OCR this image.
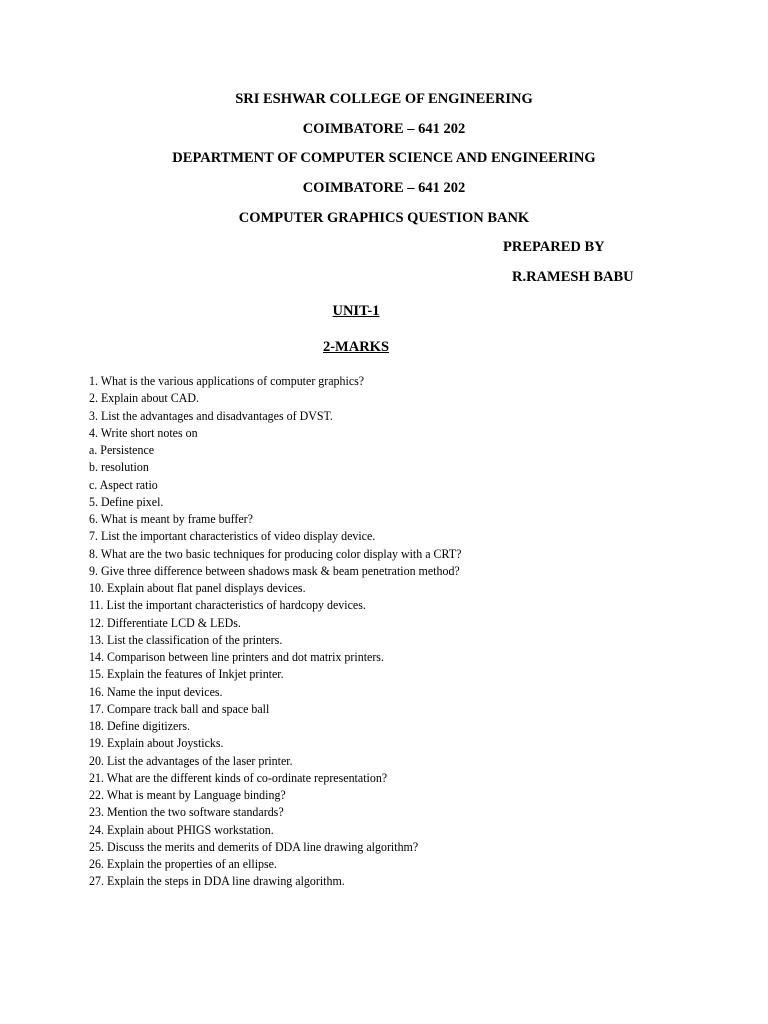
SRI ESHWAR COLLEGE OF ENGINEERING
COIMBATORE – 641 202
DEPARTMENT OF COMPUTER SCIENCE AND ENGINEERING
COIMBATORE – 641 202
COMPUTER GRAPHICS QUESTION BANK
PREPARED BY
R.RAMESH BABU
UNIT-1
2-MARKS
1. What is the various applications of computer graphics?
2. Explain about CAD.
3. List the advantages and disadvantages of DVST.
4. Write short notes on
a. Persistence
b. resolution
c. Aspect ratio
5. Define pixel.
6. What is meant by frame buffer?
7. List the important characteristics of video display device.
8. What are the two basic techniques for producing color display with a CRT?
9. Give three difference between shadows mask & beam penetration method?
10. Explain about flat panel displays devices.
11. List the important characteristics of hardcopy devices.
12. Differentiate LCD & LEDs.
13. List the classification of the printers.
14. Comparison between line printers and dot matrix printers.
15. Explain the features of Inkjet printer.
16. Name the input devices.
17. Compare track ball and space ball
18. Define digitizers.
19. Explain about Joysticks.
20. List the advantages of the laser printer.
21. What are the different kinds of co-ordinate representation?
22. What is meant by Language binding?
23. Mention the two software standards?
24. Explain about PHIGS workstation.
25. Discuss the merits and demerits of DDA line drawing algorithm?
26. Explain the properties of an ellipse.
27. Explain the steps in DDA line drawing algorithm.
